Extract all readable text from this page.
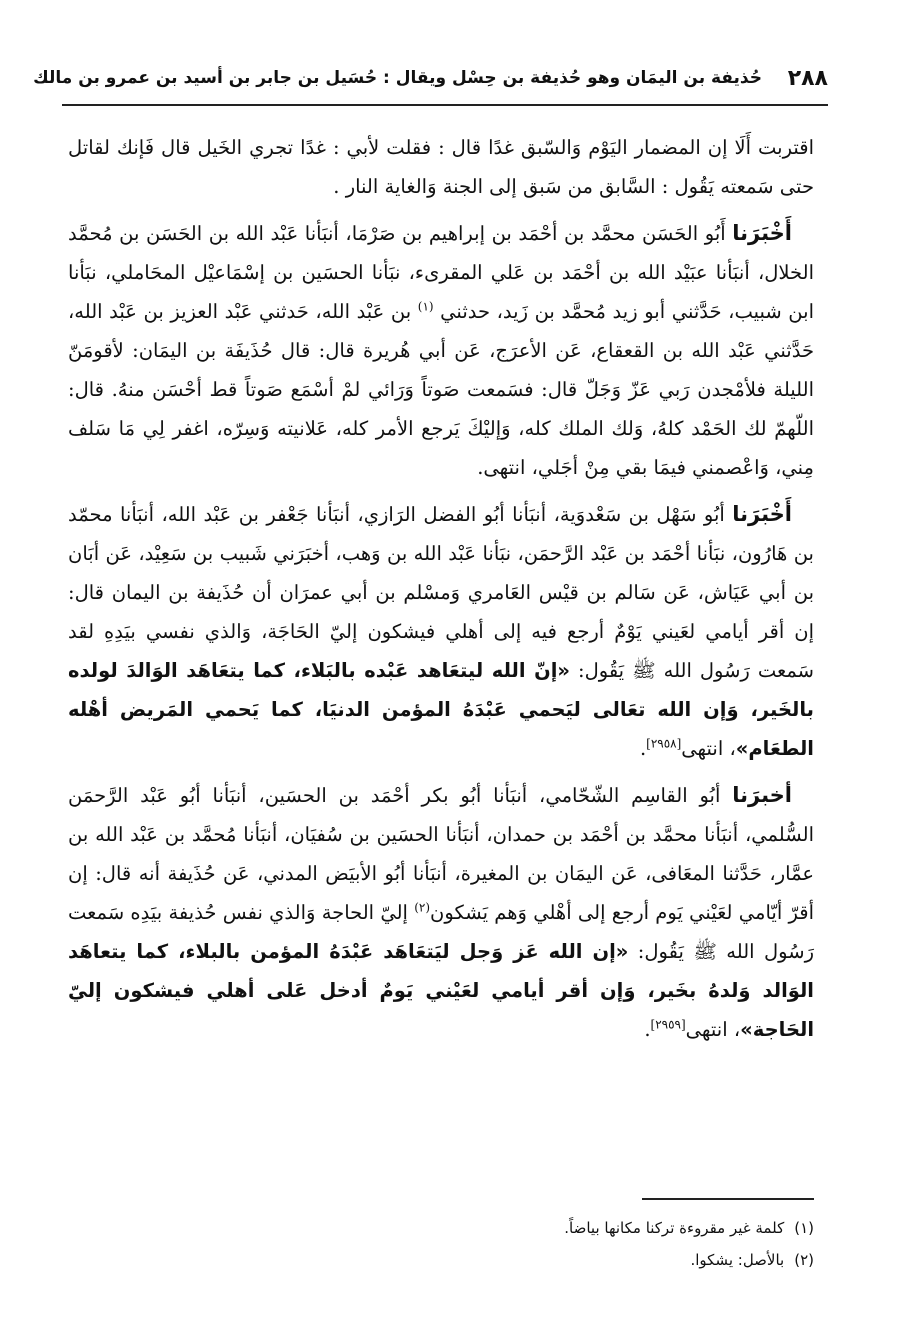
٢٨٨
حُذيفة بن اليمَان وهو حُذيفة بن حِسْل ويقال : حُسَيل بن جابر بن أسيد بن عمرو بن مالك

اقتربت أَلَا إن المضمار اليَوْم وَالسّبق غدًا قال : فقلت لأبي : غدًا تجري الخَيل قال فَإنك لقاتل حتى سَمعته يَقُول : السَّابق من سَبق إلى الجنة وَالغاية النار .

أَخْبَرَنا أَبُو الحَسَن محمَّد بن أحْمَد بن إبراهيم بن صَرْمَا، أنبَأنا عَبْد الله بن الحَسَن بن مُحمَّد الخلال، أنبَأنا عبَيْد الله بن أحْمَد بن عَلي المقرىء، نبَأنا الحسَين بن إسْمَاعيْل المحَاملي، نبَأنا ابن شبيب، حَدَّثني أبو زيد مُحمَّد بن زَيد، حدثني $^{(١)}$ بن عَبْد الله، حَدثني عَبْد العزيز بن عَبْد الله، حَدَّثني عَبْد الله بن القعقاع، عَن الأعرَج، عَن أبي هُريرة قال: قال حُذَيفَة بن اليمَان: لأقومَنّ الليلة فلأمْجدن رَبي عَزّ وَجَلّ قال: فسَمعت صَوتاً وَرَائي لمْ أسْمَع صَوتاً قط أحْسَن منهُ. قال: اللّهمّ لك الحَمْد كلهُ، وَلك الملك كله، وَإليْكَ يَرجع الأمر كله، عَلانيته وَسِرّه، اغفر لِي مَا سَلف مِني، وَاعْصمني فيمَا بقي مِنْ أجَلي، انتهى.

أَخْبَرَنا أبُو سَهْل بن سَعْدوَية، أنبَأنا أبُو الفضل الرَازي، أنبَأنا جَعْفر بن عَبْد الله، أنبَأنا محمّد بن هَارُون، نبَأنا أحْمَد بن عَبْد الرَّحمَن، نبَأنا عَبْد الله بن وَهب، أخبَرَني شَبيب بن سَعِيْد، عَن أبَان بن أبي عَيَاش، عَن سَالم بن قيْس العَامري وَمسْلم بن أبي عمرَان أن حُذَيفة بن اليمان قال: إن أقر أيامي لعَيني يَوْمٌ أرجع فيه إلى أهلي فيشكون إليّ الحَاجَة، وَالذي نفسي بيَدِهِ لقد سَمعت رَسُول الله ﷺ يَقُول: «إنّ الله ليتعَاهد عَبْده بالبَلاء، كما يتعَاهَد الوَالدَ لولده بالخَير، وَإن الله تعَالى ليَحمي عَبْدَهُ المؤمن الدنيَا، كما يَحمي المَريض أهْله الطعَام»، انتهى[٢٩٥٨].

أخبرَنا أبُو القاسِم الشّحّامي، أنبَأنا أبُو بكر أحْمَد بن الحسَين، أنبَأنا أبُو عَبْد الرَّحمَن السُّلمي، أنبَأنا محمَّد بن أحْمَد بن حمدان، أنبَأنا الحسَين بن سُفيَان، أنبَأنا مُحمَّد بن عَبْد الله بن عمَّار، حَدَّثنا المعَافى، عَن اليمَان بن المغيرة، أنبَأنا أبُو الأبيَض المدني، عَن حُذَيفة أنه قال: إن أقرّ أيّامي لعَيْني يَوم أرجع إلى أهْلي وَهم يَشكون$^{(٢)}$ إليّ الحاجة وَالذي نفس حُذيفة بيَدِه سَمعت رَسُول الله ﷺ يَقُول: «إن الله عَز وَجل ليَتعَاهَد عَبْدَهُ المؤمن بالبلاء، كما يتعاهَد الوَالد وَلدهُ بخَير، وَإن أقر أيامي لعَيْني يَومٌ أدخل عَلى أهلي فيشكون إليّ الحَاجة»، انتهى[٢٩٥٩].

(١)كلمة غير مقروءة تركنا مكانها بياضاً.
(٢)بالأصل: يشكوا.
